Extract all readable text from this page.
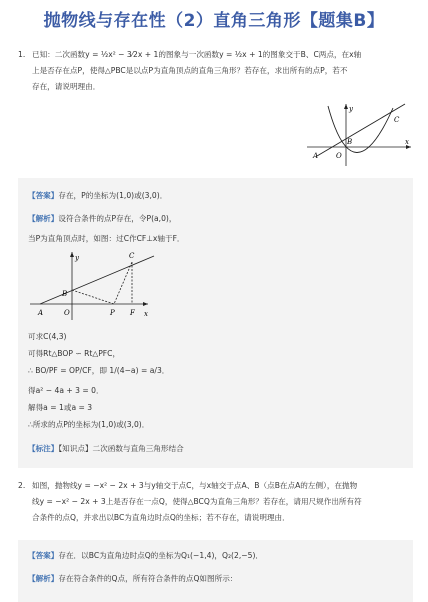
抛物线与存在性（2）直角三角形【题集B】
1. 已知：二次函数y = ½x² − 3⁄2x + 1的图象与一次函数y = ½x + 1的图象交于B、C两点，在x轴
上是否存在点P，使得△PBC是以点P为直角顶点的直角三角形？若存在，求出所有的点P，若不
存在，请说明理由．
y
x
C
B
A	O
【答案】存在，P的坐标为(1,0)或(3,0)．
【解析】设符合条件的点P存在，令P(a,0)，
当P为直角顶点时，如图：过C作CF⊥x轴于F．
y
x
C
B
A	O	P F
可求C(4,3)
可得Rt△BOP ∽ Rt△PFC，
∴ BO/PF = OP/CF，即 1/(4−a) = a/3．
得a² − 4a + 3 = 0．
解得a = 1或a = 3
∴所求的点P的坐标为(1,0)或(3,0)．
【标注】【知识点】二次函数与直角三角形结合
2. 如图，抛物线y = −x² − 2x + 3与y轴交于点C，与x轴交于点A、B（点B在点A的左侧），在抛物
线y = −x² − 2x + 3上是否存在一点Q，使得△BCQ为直角三角形？若存在，请用尺规作出所有符
合条件的点Q，并求出以BC为直角边时点Q的坐标；若不存在，请说明理由．
【答案】存在．以BC为直角边时点Q的坐标为Q₁(−1,4)，Q₂(2,−5)．
【解析】存在符合条件的Q点，所有符合条件的点Q如图所示：
